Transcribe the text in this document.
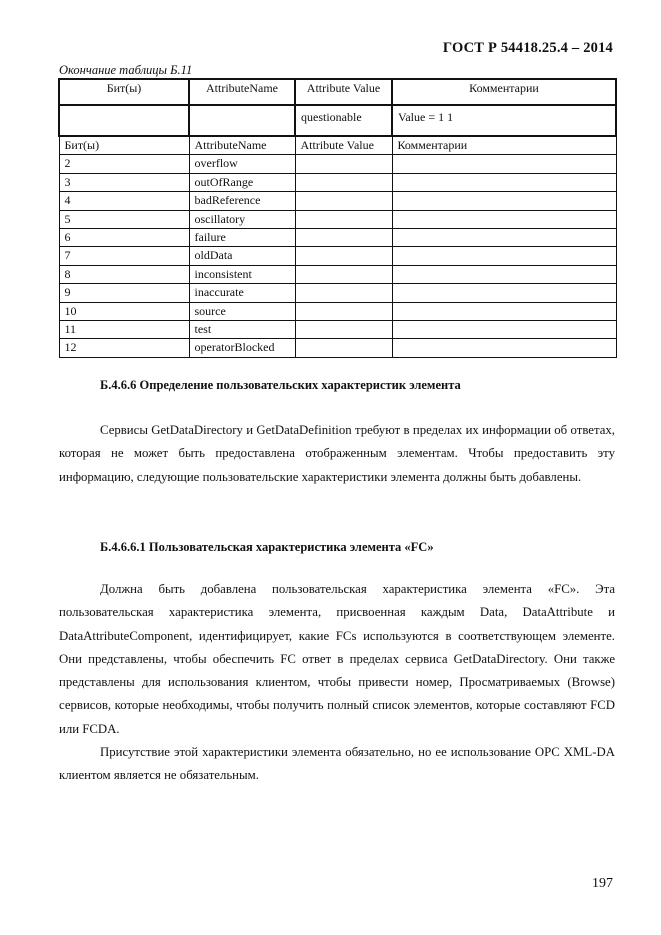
ГОСТ Р 54418.25.4 – 2014
Окончание таблицы Б.11
Бит(ы)	AttributeName	Attribute Value	Комментарии
		questionable	Value = 1 1
Бит(ы)	AttributeName	Attribute Value	Комментарии
2	overflow		
3	outOfRange		
4	badReference		
5	oscillatory		
6	failure		
7	oldData		
8	inconsistent		
9	inaccurate		
10	source		
11	test		
12	operatorBlocked		
Б.4.6.6 Определение пользовательских характеристик элемента

Сервисы GetDataDirectory и GetDataDefinition требуют в пределах их информации об ответах, которая не может быть предоставлена отображенным элементам. Чтобы предоставить эту информацию, следующие пользовательские характеристики элемента должны быть добавлены.

Б.4.6.6.1 Пользовательская характеристика элемента «FC»

Должна быть добавлена пользовательская характеристика элемента «FC». Эта пользовательская характеристика элемента, присвоенная каждым Data, DataAttribute и DataAttributeComponent, идентифицирует, какие FCs используются в соответствующем элементе. Они представлены, чтобы обеспечить FC ответ в пределах сервиса GetDataDirectory. Они также представлены для использования клиентом, чтобы привести номер, Просматриваемых (Browse) сервисов, которые необходимы, чтобы получить полный список элементов, которые составляют FCD или FCDA.

Присутствие этой характеристики элемента обязательно, но ее использование OPC XML-DA клиентом является не обязательным.

197
